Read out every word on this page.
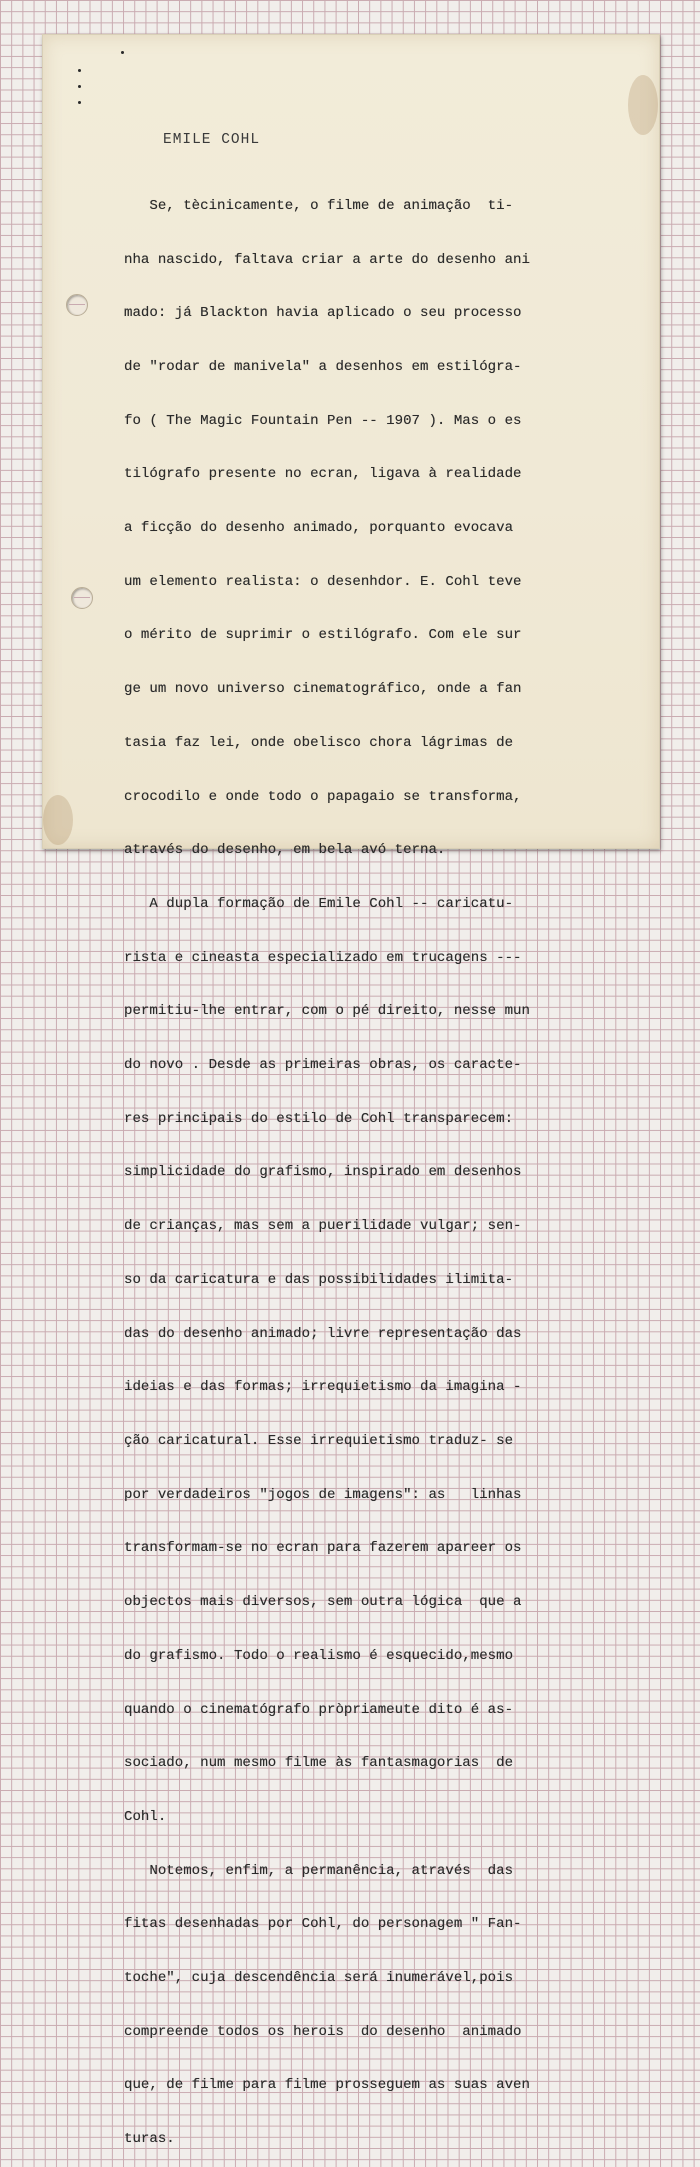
EMILE COHL

Se, tècinicamente, o filme de animação  ti-

nha nascido, faltava criar a arte do desenho ani

mado: já Blackton havia aplicado o seu processo

de "rodar de manivela" a desenhos em estilógra-

fo ( The Magic Fountain Pen -- 1907 ). Mas o es

tilógrafo presente no ecran, ligava à realidade

a ficção do desenho animado, porquanto evocava

um elemento realista: o desenhdor. E. Cohl teve

o mérito de suprimir o estilógrafo. Com ele sur

ge um novo universo cinematográfico, onde a fan

tasia faz lei, onde obelisco chora lágrimas de

crocodilo e onde todo o papagaio se transforma,

através do desenho, em bela avó terna.

A dupla formação de Emile Cohl -- caricatu-

rista e cineasta especializado em trucagens ---

permitiu-lhe entrar, com o pé direito, nesse mun

do novo . Desde as primeiras obras, os caracte-

res principais do estilo de Cohl transparecem:

simplicidade do grafismo, inspirado em desenhos

de crianças, mas sem a puerilidade vulgar; sen-

so da caricatura e das possibilidades ilimita-

das do desenho animado; livre representação das

ideias e das formas; irrequietismo da imagina -

ção caricatural. Esse irrequietismo traduz- se

por verdadeiros "jogos de imagens": as   linhas

transformam-se no ecran para fazerem apareer os

objectos mais diversos, sem outra lógica  que a

do grafismo. Todo o realismo é esquecido,mesmo

quando o cinematógrafo pròpriameute dito é as-

sociado, num mesmo filme às fantasmagorias  de

Cohl.

Notemos, enfim, a permanência, através  das

fitas desenhadas por Cohl, do personagem " Fan-

toche", cuja descendência será inumerável,pois

compreende todos os herois  do desenho  animado

que, de filme para filme prosseguem as suas aven

turas.
